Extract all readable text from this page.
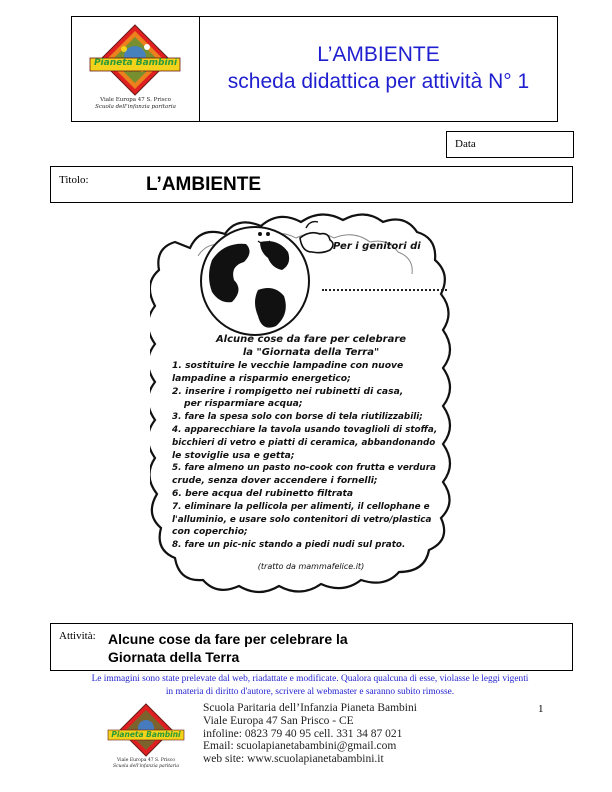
Pianeta Bambini
Viale Europa 47 S. Prisco
Scuola dell’infanzia paritaria
L’AMBIENTE
scheda didattica per attività N° 1
Data
Titolo:	L’AMBIENTE
Per i genitori di
Alcune cose da fare per celebrare
la "Giornata della Terra"
1. sostituire le vecchie lampadine con nuove
lampadine a risparmio energetico;
2. inserire i rompigetto nei rubinetti di casa,
per risparmiare acqua;
3. fare la spesa solo con borse di tela riutilizzabili;
4. apparecchiare la tavola usando tovaglioli di stoffa,
bicchieri di vetro e piatti di ceramica, abbandonando
le stoviglie usa e getta;
5. fare almeno un pasto no-cook con frutta e verdura
crude, senza dover accendere i fornelli;
6. bere acqua del rubinetto filtrata
7. eliminare la pellicola per alimenti, il cellophane e
l'alluminio, e usare solo contenitori di vetro/plastica
con coperchio;
8. fare un pic-nic stando a piedi nudi sul prato.
(tratto da mammafelice.it)
Attività: Alcune cose da fare per celebrare la
Giornata della Terra
Le immagini sono state prelevate dal web, riadattate e modificate. Qualora qualcuna di esse, violasse le leggi vigenti
in materia di diritto d'autore, scrivere al webmaster e saranno subito rimosse.
1
Pianeta Bambini
Viale Europa 47 S. Prisco
Scuola dell’infanzia paritaria
Scuola Paritaria dell’Infanzia Pianeta Bambini
Viale Europa 47 San Prisco - CE
infoline: 0823 79 40 95 cell. 331 34 87 021
Email: scuolapianetabambini@gmail.com
web site: www.scuolapianetabambini.it
